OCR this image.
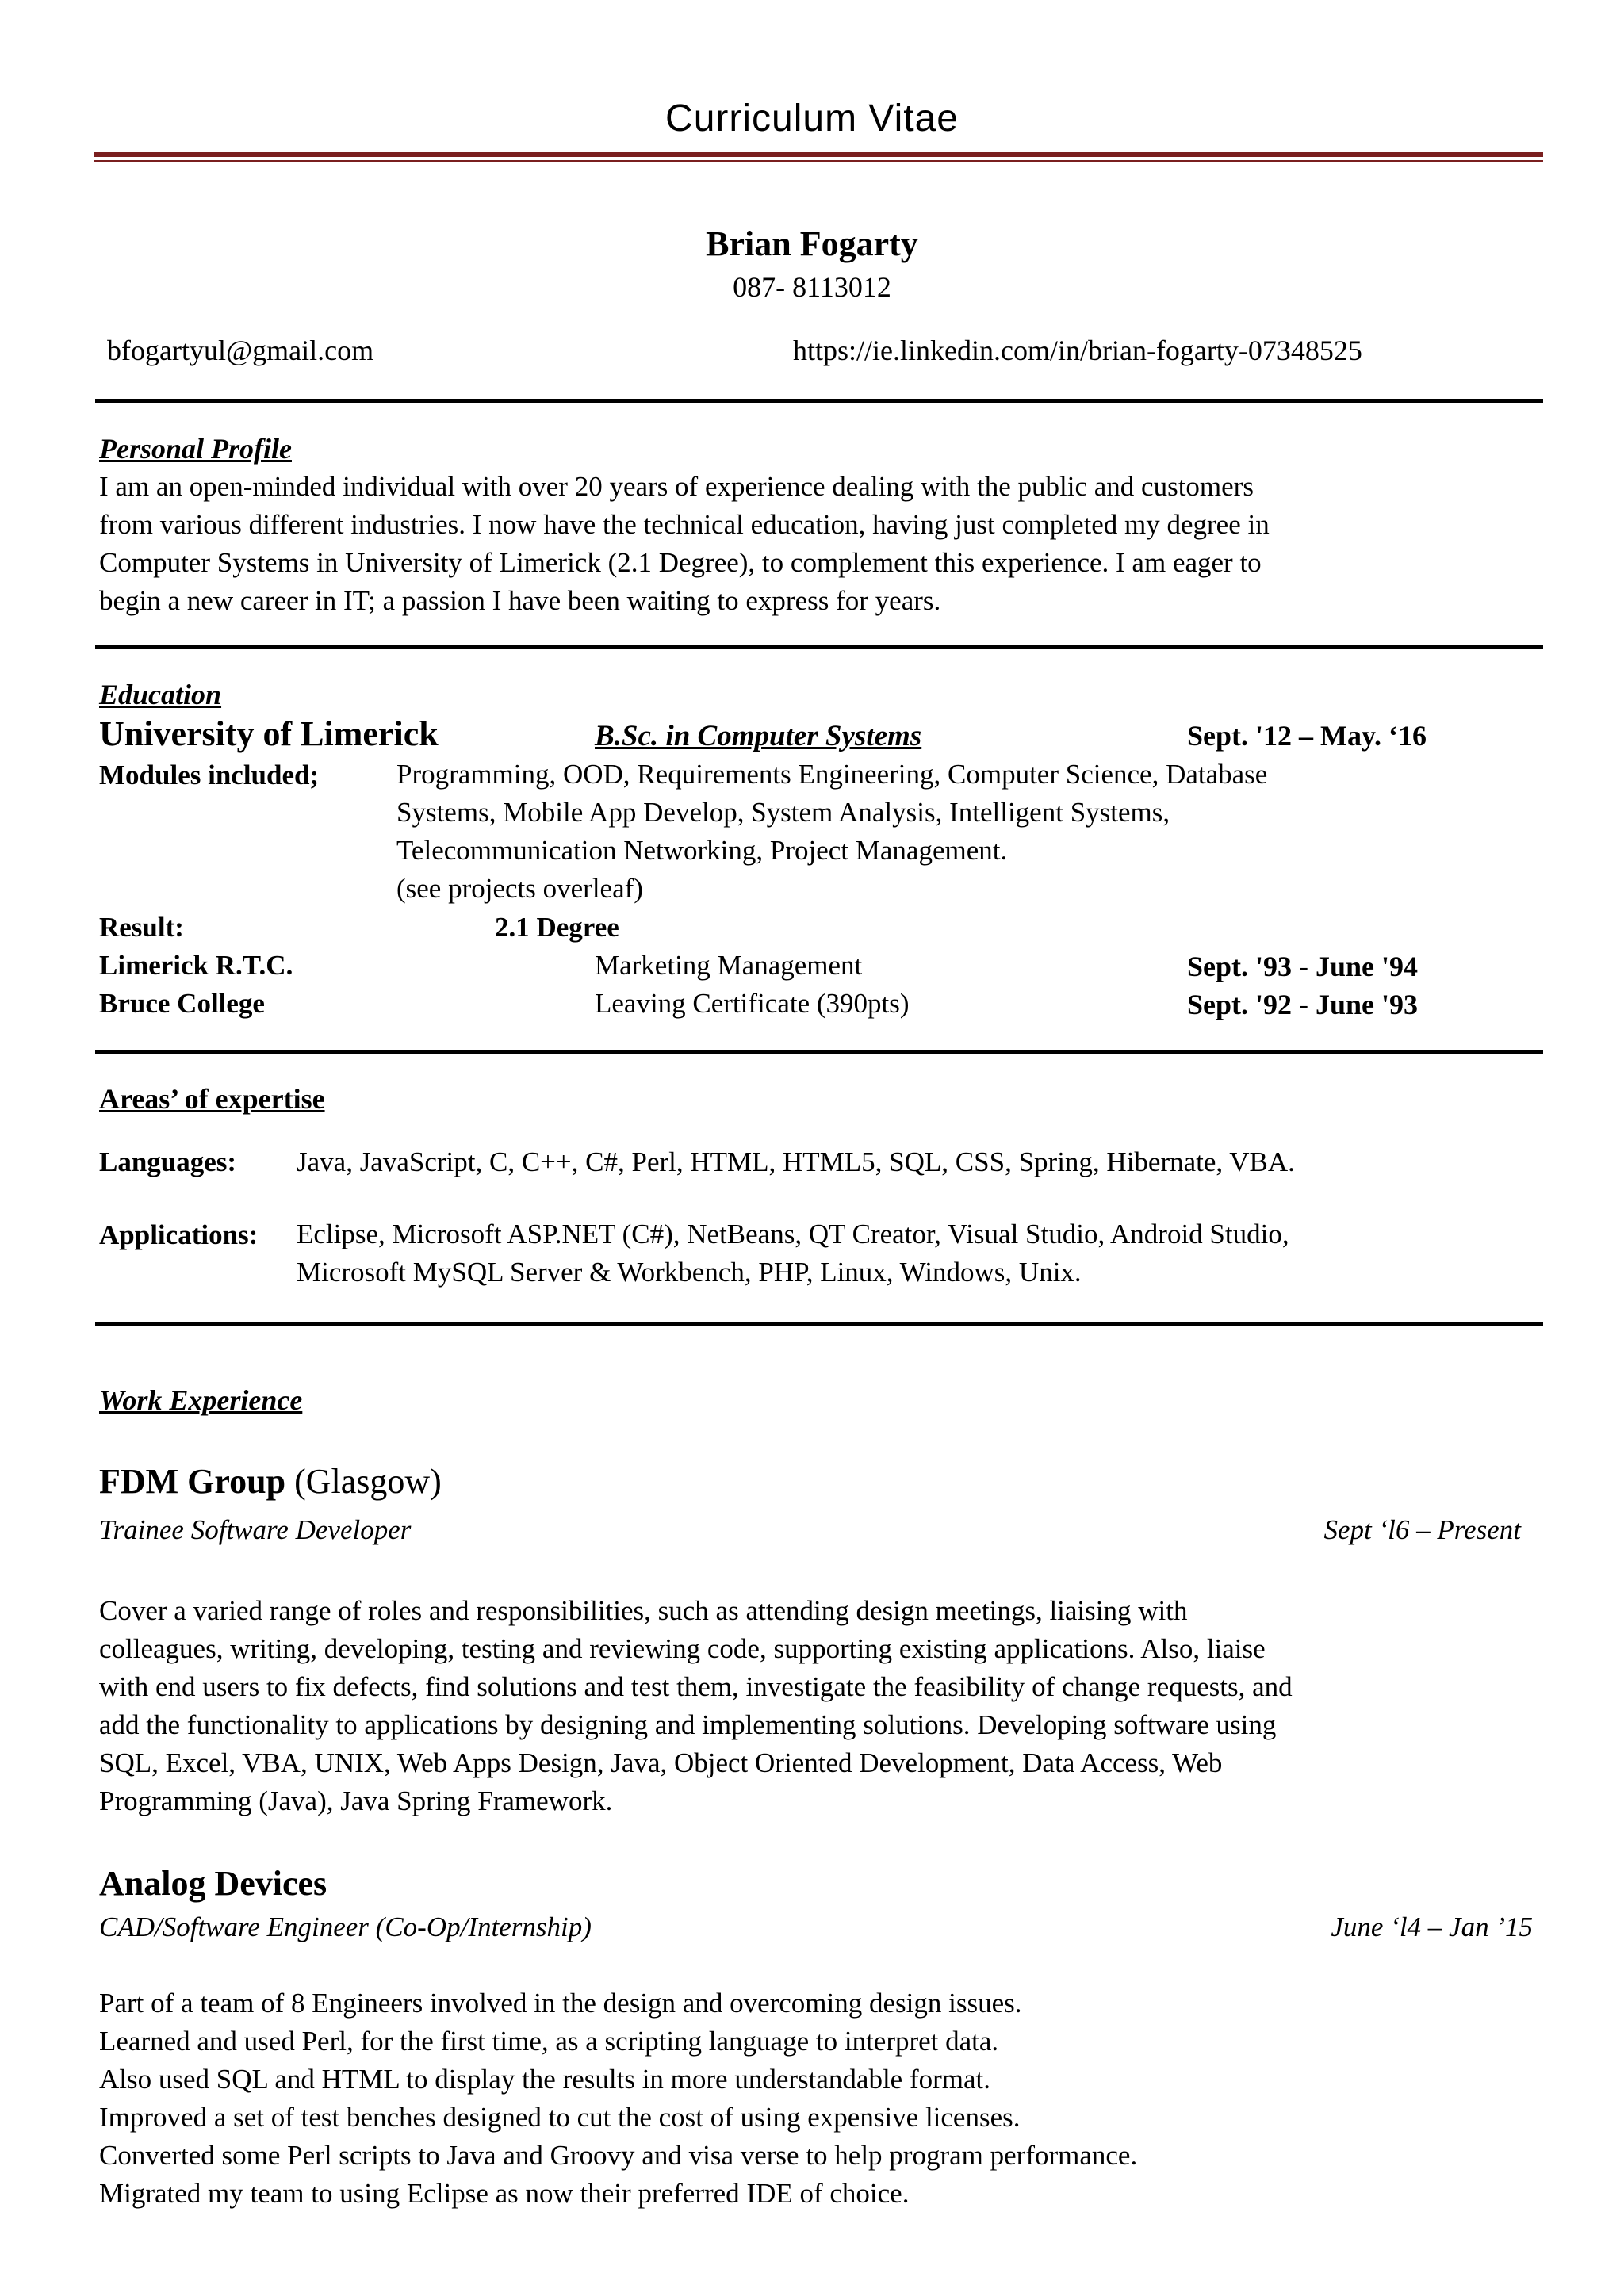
Curriculum Vitae
Brian Fogarty
087- 8113012
bfogartyul@gmail.com	https://ie.linkedin.com/in/brian-fogarty-07348525
Personal Profile
I am an open-minded individual with over 20 years of experience dealing with the public and customers
from various different industries. I now have the technical education, having just completed my degree in
Computer Systems in University of Limerick (2.1 Degree), to complement this experience. I am eager to
begin a new career in IT; a passion I have been waiting to express for years.
Education
University of Limerick	B.Sc. in Computer Systems	Sept. '12 – May. ‘16
Modules included;	Programming, OOD, Requirements Engineering, Computer Science, Database
Systems, Mobile App Develop, System Analysis, Intelligent Systems,
Telecommunication Networking, Project Management.
(see projects overleaf)
Result:	2.1 Degree
Limerick R.T.C.	Marketing Management	Sept. '93 - June '94
Bruce College	Leaving Certificate (390pts)	Sept. '92 - June '93
Areas’ of expertise
Languages: Java, JavaScript, C, C++, C#, Perl, HTML, HTML5, SQL, CSS, Spring, Hibernate, VBA.
Applications: Eclipse, Microsoft ASP.NET (C#), NetBeans, QT Creator, Visual Studio, Android Studio,
Microsoft MySQL Server & Workbench, PHP, Linux, Windows, Unix.
Work Experience
FDM Group (Glasgow)
Trainee Software Developer	Sept ‘l6 – Present
Cover a varied range of roles and responsibilities, such as attending design meetings, liaising with
colleagues, writing, developing, testing and reviewing code, supporting existing applications. Also, liaise
with end users to fix defects, find solutions and test them, investigate the feasibility of change requests, and
add the functionality to applications by designing and implementing solutions. Developing software using
SQL, Excel, VBA, UNIX, Web Apps Design, Java, Object Oriented Development, Data Access, Web
Programming (Java), Java Spring Framework.
Analog Devices
CAD/Software Engineer (Co-Op/Internship)	June ‘l4 – Jan ’15
Part of a team of 8 Engineers involved in the design and overcoming design issues.
Learned and used Perl, for the first time, as a scripting language to interpret data.
Also used SQL and HTML to display the results in more understandable format.
Improved a set of test benches designed to cut the cost of using expensive licenses.
Converted some Perl scripts to Java and Groovy and visa verse to help program performance.
Migrated my team to using Eclipse as now their preferred IDE of choice.
